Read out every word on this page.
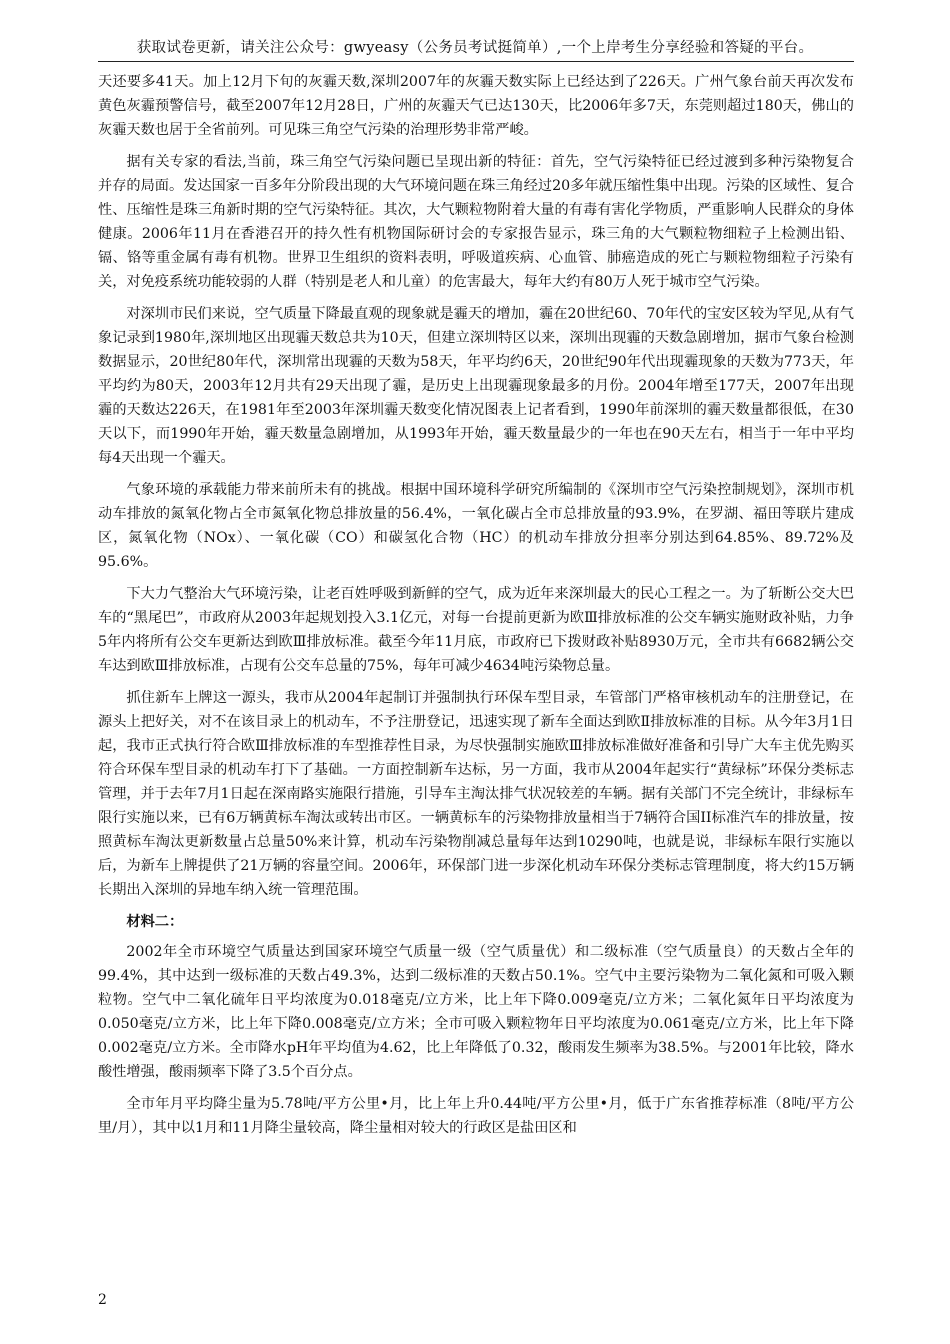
获取试卷更新，请关注公众号：gwyeasy（公务员考试挺简单）,一个上岸考生分享经验和答疑的平台。

天还要多41天。加上12月下旬的灰霾天数,深圳2007年的灰霾天数实际上已经达到了226天。广州气象台前天再次发布黄色灰霾预警信号，截至2007年12月28日，广州的灰霾天气已达130天，比2006年多7天，东莞则超过180天，佛山的灰霾天数也居于全省前列。可见珠三角空气污染的治理形势非常严峻。

据有关专家的看法,当前，珠三角空气污染问题已呈现出新的特征：首先，空气污染特征已经过渡到多种污染物复合并存的局面。发达国家一百多年分阶段出现的大气环境问题在珠三角经过20多年就压缩性集中出现。污染的区域性、复合性、压缩性是珠三角新时期的空气污染特征。其次，大气颗粒物附着大量的有毒有害化学物质，严重影响人民群众的身体健康。2006年11月在香港召开的持久性有机物国际研讨会的专家报告显示，珠三角的大气颗粒物细粒子上检测出铅、镉、铬等重金属有毒有机物。世界卫生组织的资料表明，呼吸道疾病、心血管、肺癌造成的死亡与颗粒物细粒子污染有关，对免疫系统功能较弱的人群（特别是老人和儿童）的危害最大，每年大约有80万人死于城市空气污染。

对深圳市民们来说，空气质量下降最直观的现象就是霾天的增加，霾在20世纪60、70年代的宝安区较为罕见,从有气象记录到1980年,深圳地区出现霾天数总共为10天，但建立深圳特区以来，深圳出现霾的天数急剧增加，据市气象台检测数据显示，20世纪80年代，深圳常出现霾的天数为58天，年平均约6天，20世纪90年代出现霾现象的天数为773天，年平均约为80天，2003年12月共有29天出现了霾，是历史上出现霾现象最多的月份。2004年增至177天，2007年出现霾的天数达226天，在1981年至2003年深圳霾天数变化情况图表上记者看到，1990年前深圳的霾天数量都很低，在30天以下，而1990年开始，霾天数量急剧增加，从1993年开始，霾天数量最少的一年也在90天左右，相当于一年中平均每4天出现一个霾天。

气象环境的承载能力带来前所未有的挑战。根据中国环境科学研究所编制的《深圳市空气污染控制规划》，深圳市机动车排放的氮氧化物占全市氮氧化物总排放量的56.4%，一氧化碳占全市总排放量的93.9%，在罗湖、福田等联片建成区，氮氧化物（NOx）、一氧化碳（CO）和碳氢化合物（HC）的机动车排放分担率分别达到64.85%、89.72%及95.6%。

下大力气整治大气环境污染，让老百姓呼吸到新鲜的空气，成为近年来深圳最大的民心工程之一。为了斩断公交大巴车的“黑尾巴”，市政府从2003年起规划投入3.1亿元，对每一台提前更新为欧Ⅲ排放标准的公交车辆实施财政补贴，力争5年内将所有公交车更新达到欧Ⅲ排放标准。截至今年11月底，市政府已下拨财政补贴8930万元，全市共有6682辆公交车达到欧Ⅲ排放标准，占现有公交车总量的75%，每年可减少4634吨污染物总量。

抓住新车上牌这一源头，我市从2004年起制订并强制执行环保车型目录，车管部门严格审核机动车的注册登记，在源头上把好关，对不在该目录上的机动车，不予注册登记，迅速实现了新车全面达到欧Ⅱ排放标准的目标。从今年3月1日起，我市正式执行符合欧Ⅲ排放标准的车型推荐性目录，为尽快强制实施欧Ⅲ排放标准做好准备和引导广大车主优先购买符合环保车型目录的机动车打下了基础。一方面控制新车达标，另一方面，我市从2004年起实行“黄绿标”环保分类标志管理，并于去年7月1日起在深南路实施限行措施，引导车主淘汰排气状况较差的车辆。据有关部门不完全统计，非绿标车限行实施以来，已有6万辆黄标车淘汰或转出市区。一辆黄标车的污染物排放量相当于7辆符合国II标准汽车的排放量，按照黄标车淘汰更新数量占总量50%来计算，机动车污染物削减总量每年达到10290吨，也就是说，非绿标车限行实施以后，为新车上牌提供了21万辆的容量空间。2006年，环保部门进一步深化机动车环保分类标志管理制度，将大约15万辆长期出入深圳的异地车纳入统一管理范围。

材料二：

2002年全市环境空气质量达到国家环境空气质量一级（空气质量优）和二级标准（空气质量良）的天数占全年的99.4%，其中达到一级标准的天数占49.3%，达到二级标准的天数占50.1%。空气中主要污染物为二氧化氮和可吸入颗粒物。空气中二氧化硫年日平均浓度为0.018毫克/立方米，比上年下降0.009毫克/立方米；二氧化氮年日平均浓度为0.050毫克/立方米，比上年下降0.008毫克/立方米；全市可吸入颗粒物年日平均浓度为0.061毫克/立方米，比上年下降0.002毫克/立方米。全市降水pH年平均值为4.62，比上年降低了0.32，酸雨发生频率为38.5%。与2001年比较，降水酸性增强，酸雨频率下降了3.5个百分点。

全市年月平均降尘量为5.78吨/平方公里•月，比上年上升0.44吨/平方公里•月，低于广东省推荐标准（8吨/平方公里/月），其中以1月和11月降尘量较高，降尘量相对较大的行政区是盐田区和

2
